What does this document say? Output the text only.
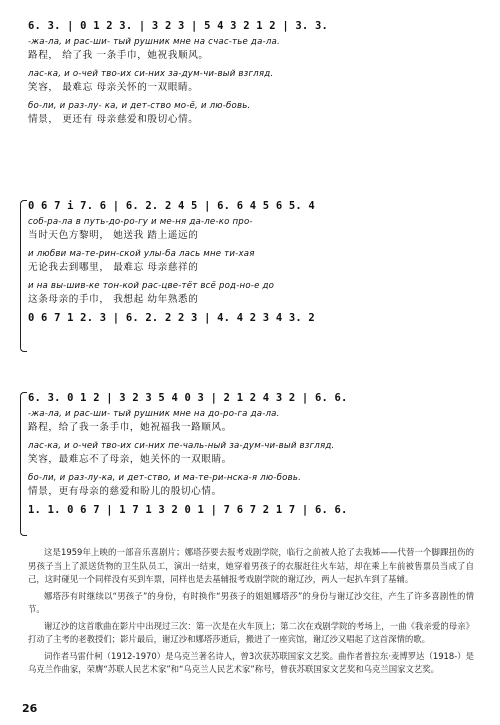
6. 3. | 0 1 2 3. | 3 2 3 | 5 4 3 2 1 2 | 3. 3.
-жа-ла, и рас-ши- тый рушник мне на счас-тье да-ла.
路程， 给了我 一条手巾，她祝我顺风。
лас-ка, и о-чей тво-их си-них за-дум-чи-вый взгляд.
笑容， 最难忘 母亲关怀的一双眼睛。
бо-ли, и раз-лу- ка, и дет-ство мо-ё, и лю-бовь.
情景， 更还有 母亲慈爱和殷切心情。
0 6 7 i 7. 6 | 6. 2. 2 4 5 | 6. 6 4 5 6 5. 4
соб-ра-ла в путь-до-ро-гу и ме-ня да-ле-ко про-
当时天色方黎明， 她送我 踏上遥远的
и любви ма-те-рин-ской улы-ба лась мне ти-хая
无论我去到哪里， 最难忘 母亲慈祥的
и на вы-шив-ке тон-кой рас-цве-тёт всё род-но-е до
这条母亲的手巾， 我想起 幼年熟悉的
0 6 7 1 2. 3 | 6. 2. 2 2 3 | 4. 4 2 3 4 3. 2
6. 3. 0 1 2 | 3 2 3 5 4 0 3 | 2 1 2 4 3 2 | 6. 6.
-жа-ла, и рас-ши- тый рушник мне на до-ро-га да-ла.
路程，给了我一条手巾，她祝福我一路顺风。
лас-ка, и о-чей тво-их си-них пе-чаль-ный за-дум-чи-вый взгляд.
笑容，最难忘不了母亲，她关怀的一双眼睛。
бо-ли, и раз-лу-ка, и дет-ство, и ма-те-ри-нска-я лю-бовь.
情景，更有母亲的慈爱和盼儿的殷切心情。
1. 1. 0 6 7 | 1 7 1 3 2 0 1 | 7 6 7 2 1 7 | 6. 6.

这是1959年上映的一部音乐喜剧片；娜塔莎要去报考戏剧学院，临行之前被人抢了去我姊——代替一个脚踝扭伤的男孩子当上了派送货物的卫生队员工，演出一结束，她穿着男孩子的衣服赶往火车站，却在乘上车前被售票员当成了自己，这时碰见一个同样没有买到车票，同样也是去基辅报考戏剧学院的谢辽沙，两人一起扒车到了基辅。

娜塔莎有时继续以“男孩子”的身份，有时换作“男孩子的姐姐娜塔莎”的身份与谢辽沙交往，产生了许多喜剧性的情节。

谢辽沙的这首歌曲在影片中出现过三次：第一次是在火车顶上；第二次在戏剧学院的考场上，一曲《我亲爱的母亲》打动了主考的老教授们；影片最后，谢辽沙和娜塔莎逝后，搬进了一座宾馆，谢辽沙又唱起了这首深情的歌。

词作者马雷什柯（1912-1970）是乌克兰著名诗人，曾3次获苏联国家文艺奖。曲作者普拉东·麦博罗达（1918-）是乌克兰作曲家，荣膺“苏联人民艺术家”和“乌克兰人民艺术家”称号，曾获苏联国家文艺奖和乌克兰国家文艺奖。

26
